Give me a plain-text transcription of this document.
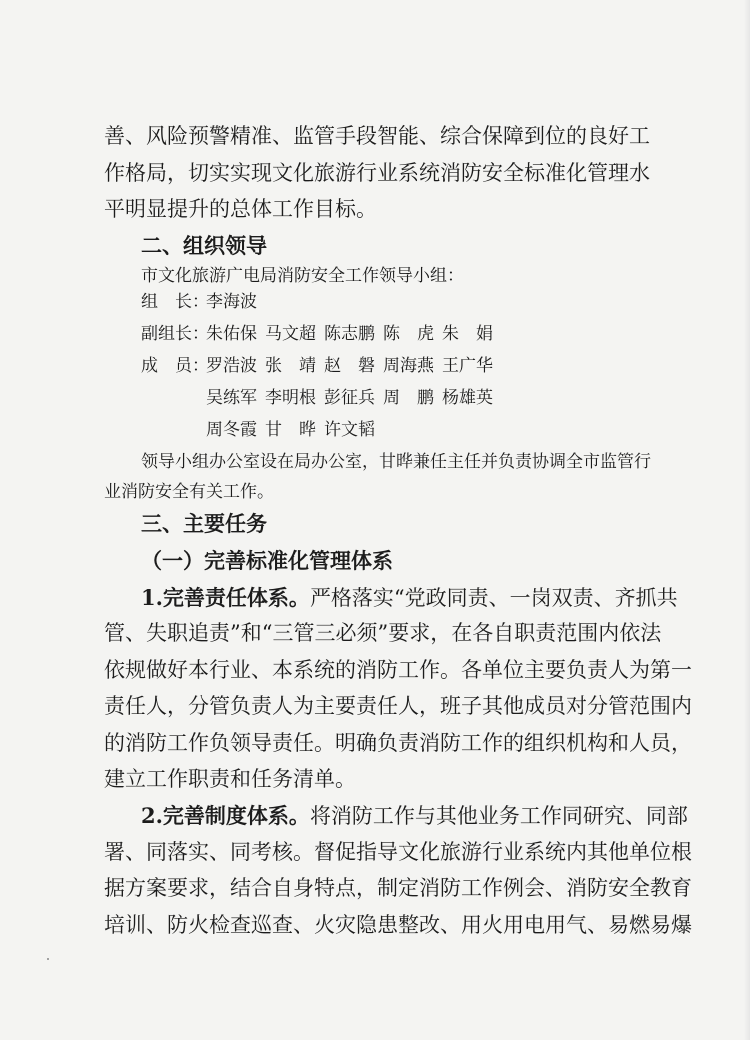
善、风险预警精准、监管手段智能、综合保障到位的良好工
作格局，切实实现文化旅游行业系统消防安全标准化管理水
平明显提升的总体工作目标。
二、组织领导
市文化旅游广电局消防安全工作领导小组：
组　长：
李海波
副组长：
朱佑保 马文超 陈志鹏 陈　虎 朱　娟
成　员：
罗浩波 张　靖 赵　磐 周海燕 王广华
吴练军 李明根 彭征兵 周　鹏 杨雄英
周冬霞 甘　晔 许文韬
领导小组办公室设在局办公室，甘晔兼任主任并负责协调全市监管行
业消防安全有关工作。
三、主要任务
（一）完善标准化管理体系
1.完善责任体系。严格落实“党政同责、一岗双责、齐抓共
管、失职追责”和“三管三必须”要求，在各自职责范围内依法
依规做好本行业、本系统的消防工作。各单位主要负责人为第一
责任人，分管负责人为主要责任人，班子其他成员对分管范围内
的消防工作负领导责任。明确负责消防工作的组织机构和人员，
建立工作职责和任务清单。
2.完善制度体系。将消防工作与其他业务工作同研究、同部
署、同落实、同考核。督促指导文化旅游行业系统内其他单位根
据方案要求，结合自身特点，制定消防工作例会、消防安全教育
培训、防火检查巡查、火灾隐患整改、用火用电用气、易燃易爆
